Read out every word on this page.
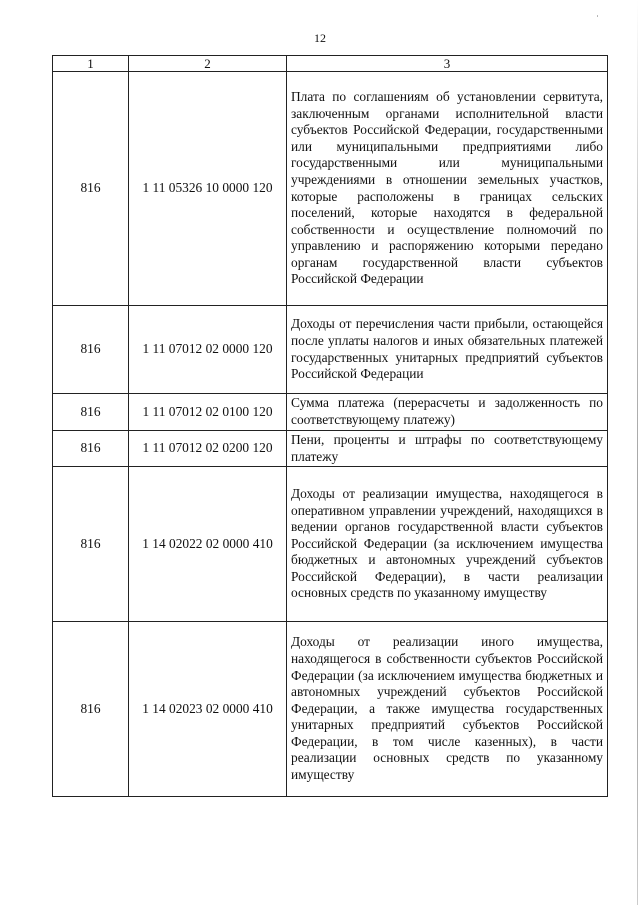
˙
12
1	2	3
816	1 11 05326 10 0000 120	Плата по соглашениям об установлении сервитута, заключенным органами исполнительной власти субъектов Российской Федерации, государственными или муниципальными предприятиями либо государственными или муниципальными учреждениями в отношении земельных участков, которые расположены в границах сельских поселений, которые находятся в федеральной собственности и осуществление полномочий по управлению и распоряжению которыми передано органам государственной власти субъектов Российской Федерации
816	1 11 07012 02 0000 120	Доходы от перечисления части прибыли, остающейся после уплаты налогов и иных обязательных платежей государственных унитарных предприятий субъектов Российской Федерации
816	1 11 07012 02 0100 120	Сумма платежа (перерасчеты и задолженность по соответствующему платежу)
816	1 11 07012 02 0200 120	Пени, проценты и штрафы по соответствующему платежу
816	1 14 02022 02 0000 410	Доходы от реализации имущества, находящегося в оперативном управлении учреждений, находящихся в ведении органов государственной власти субъектов Российской Федерации (за исключением имущества бюджетных и автономных учреждений субъектов Российской Федерации), в части реализации основных средств по указанному имуществу
816	1 14 02023 02 0000 410	Доходы от реализации иного имущества, находящегося в собственности субъектов Российской Федерации (за исключением имущества бюджетных и автономных учреждений субъектов Российской Федерации, а также имущества государственных унитарных предприятий субъектов Российской Федерации, в том числе казенных), в части реализации основных средств по указанному имуществу
